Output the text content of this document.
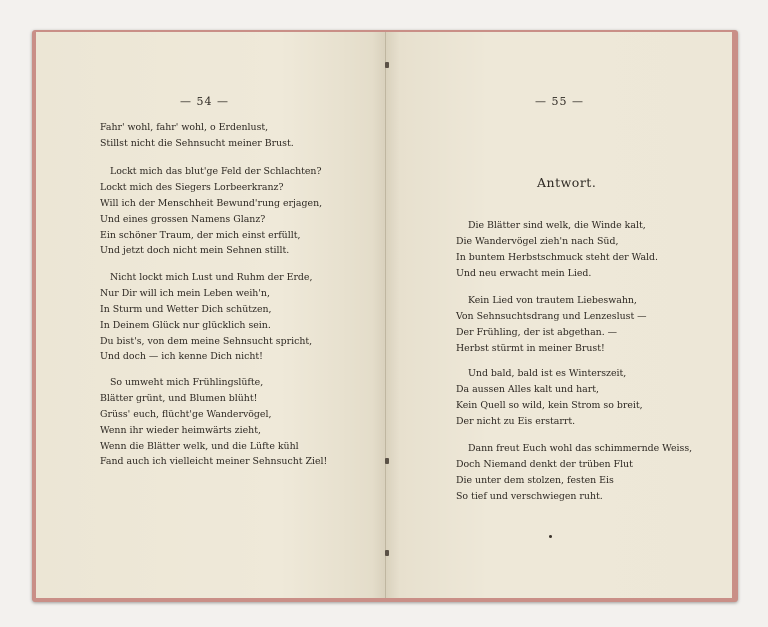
— 54 —	— 55 —
Fahr' wohl, fahr' wohl, o Erdenlust,
Stillst nicht die Sehnsucht meiner Brust.
Lockt mich das blut'ge Feld der Schlachten?
Lockt mich des Siegers Lorbeerkranz?
Will ich der Menschheit Bewund'rung erjagen,
Und eines grossen Namens Glanz?
Ein schöner Traum, der mich einst erfüllt,
Und jetzt doch nicht mein Sehnen stillt.
Nicht lockt mich Lust und Ruhm der Erde,
Nur Dir will ich mein Leben weih'n,
In Sturm und Wetter Dich schützen,
In Deinem Glück nur glücklich sein.
Du bist's, von dem meine Sehnsucht spricht,
Und doch — ich kenne Dich nicht!
So umweht mich Frühlingslüfte,
Blätter grünt, und Blumen blüht!
Grüss' euch, flücht'ge Wandervögel,
Wenn ihr wieder heimwärts zieht,
Wenn die Blätter welk, und die Lüfte kühl
Fand auch ich vielleicht meiner Sehnsucht Ziel!
Antwort.
Die Blätter sind welk, die Winde kalt,
Die Wandervögel zieh'n nach Süd,
In buntem Herbstschmuck steht der Wald.
Und neu erwacht mein Lied.
Kein Lied von trautem Liebeswahn,
Von Sehnsuchtsdrang und Lenzeslust —
Der Frühling, der ist abgethan. —
Herbst stürmt in meiner Brust!
Und bald, bald ist es Winterszeit,
Da aussen Alles kalt und hart,
Kein Quell so wild, kein Strom so breit,
Der nicht zu Eis erstarrt.
Dann freut Euch wohl das schimmernde Weiss,
Doch Niemand denkt der trüben Flut
Die unter dem stolzen, festen Eis
So tief und verschwiegen ruht.
